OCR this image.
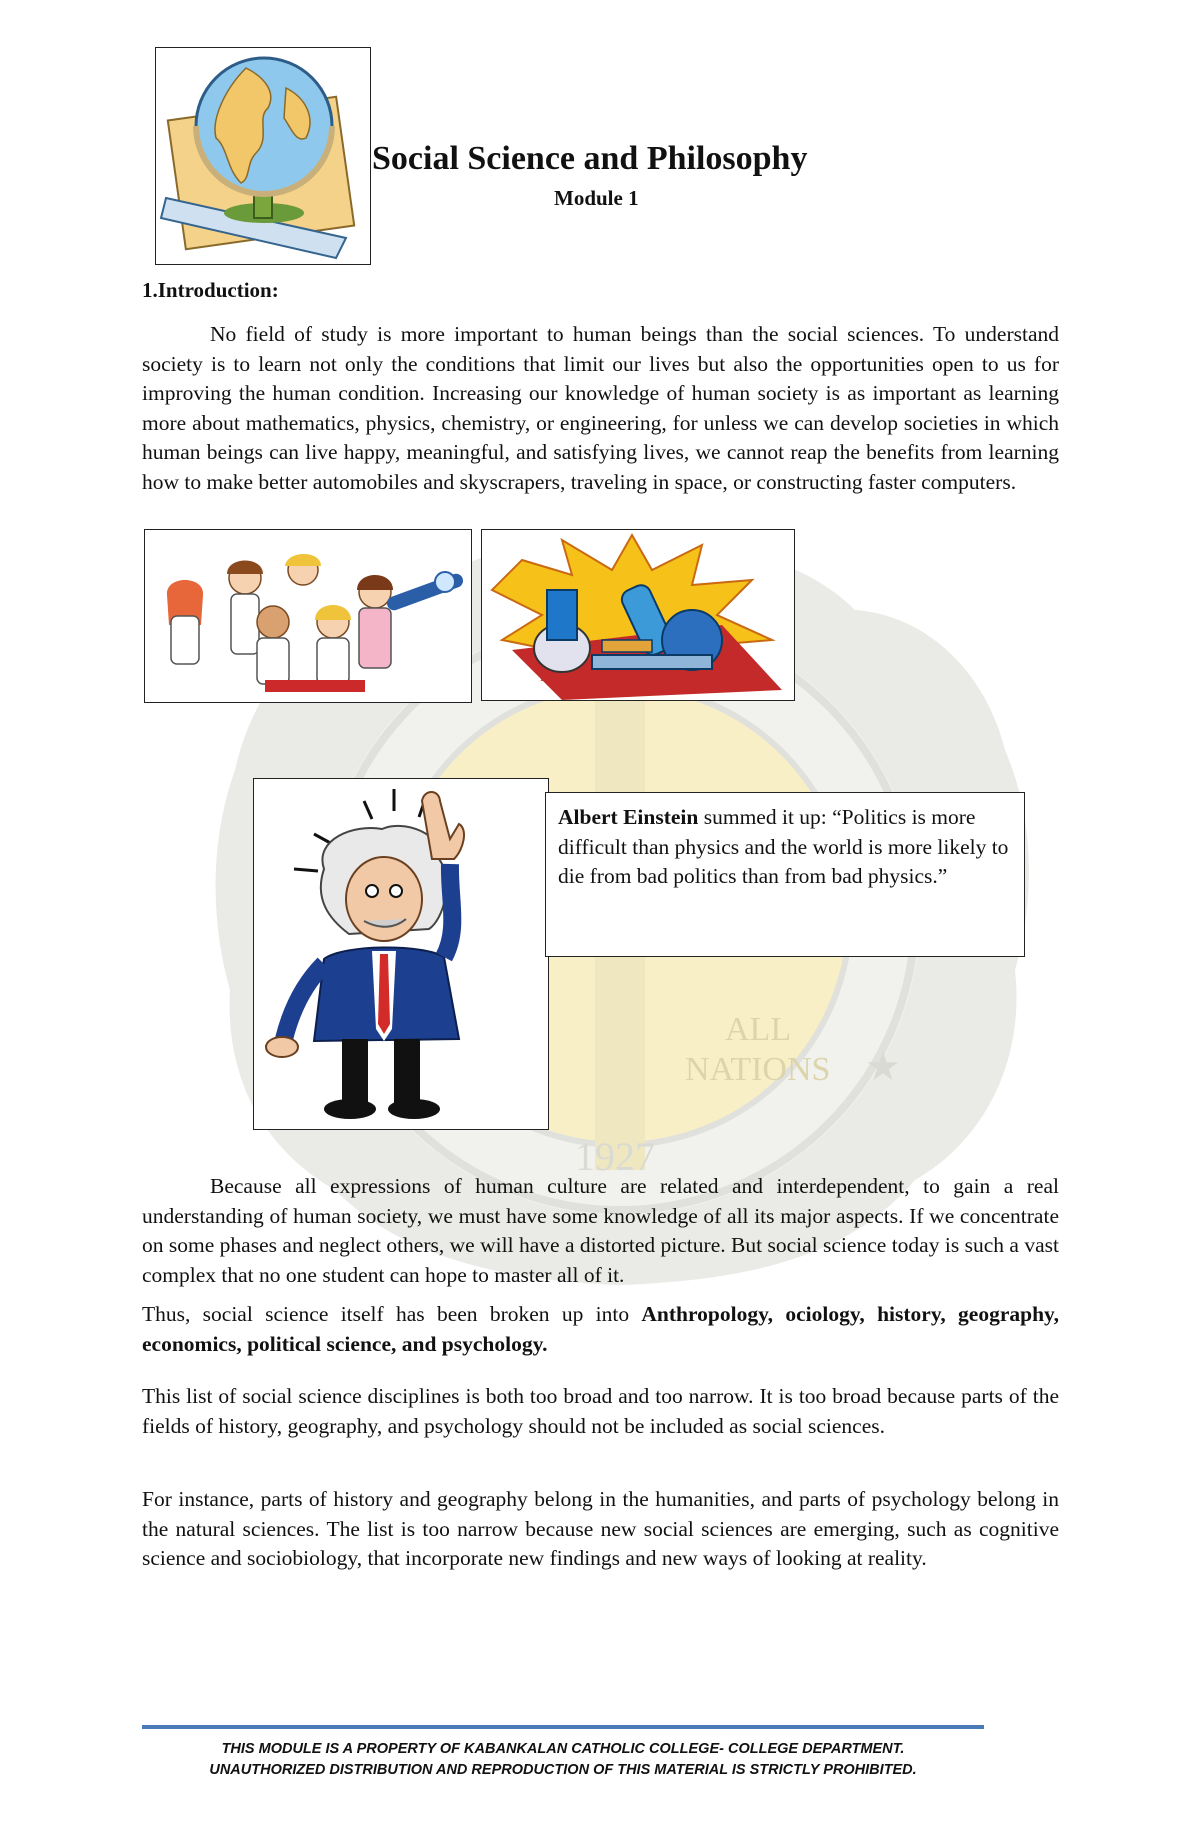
ALL
NATIONS
1927
★
Social Science and Philosophy
Module 1
1.Introduction:

No field of study is more important to human beings than the social sciences. To understand society is to learn not only the conditions that limit our lives but also the opportunities open to us for improving the human condition. Increasing our knowledge of human society is as important as learning more about mathematics, physics, chemistry, or engineering, for unless we can develop societies in which human beings can live happy, meaningful, and satisfying lives, we cannot reap the benefits from learning how to make better automobiles and skyscrapers, traveling in space, or constructing faster computers.

Albert Einstein summed it up: “Politics is more difficult than physics and the world is more likely to die from bad politics than from bad physics.”

Because all expressions of human culture are related and interdependent, to gain a real understanding of human society, we must have some knowledge of all its major aspects. If we concentrate on some phases and neglect others, we will have a distorted picture. But social science today is such a vast complex that no one student can hope to master all of it.

Thus, social science itself has been broken up into Anthropology, ociology, history, geography, economics, political science, and psychology.

This list of social science disciplines is both too broad and too narrow. It is too broad because parts of the fields of history, geography, and psychology should not be included as social sciences.

For instance, parts of history and geography belong in the humanities, and parts of psychology belong in the natural sciences. The list is too narrow because new social sciences are emerging, such as cognitive science and sociobiology, that incorporate new findings and new ways of looking at reality.

THIS MODULE IS A PROPERTY OF KABANKALAN CATHOLIC COLLEGE- COLLEGE DEPARTMENT.
UNAUTHORIZED DISTRIBUTION AND REPRODUCTION OF THIS MATERIAL IS STRICTLY PROHIBITED.
